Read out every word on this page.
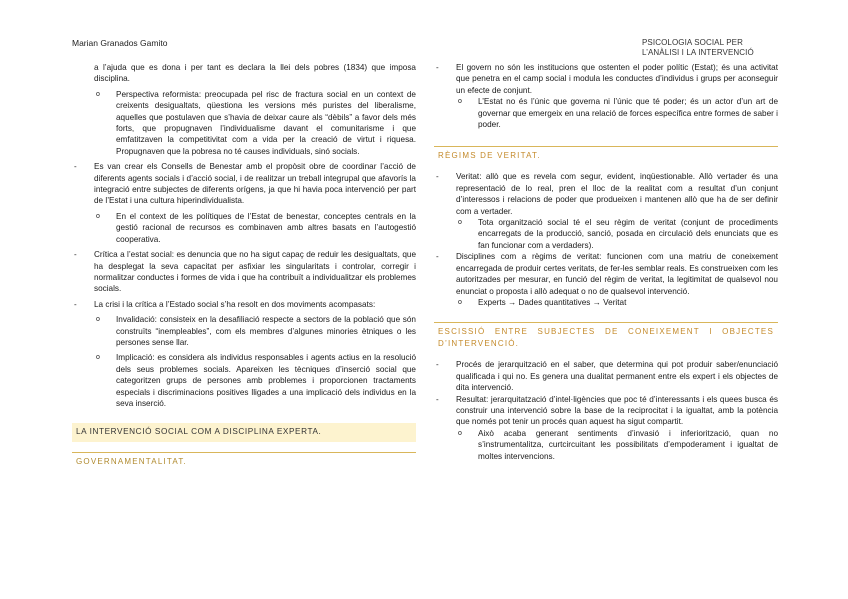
Marian Granados Gamito	PSICOLOGIA SOCIAL PER
L’ANÀLISI I LA INTERVENCIÓ

a l’ajuda que es dona i per tant es declara la llei dels pobres (1834) que imposa disciplina.

o Perspectiva reformista: preocupada pel risc de fractura social en un context de creixents desigualtats, qüestiona les versions més puristes del liberalisme, aquelles que postulaven que s’havia de deixar caure als “dèbils” a favor dels més forts, que propugnaven l’individualisme davant el comunitarisme i que emfatitzaven la competitivitat com a vida per la creació de virtut i riquesa. Propugnaven que la pobresa no té causes individuals, sinó socials.
- Es van crear els Consells de Benestar amb el propòsit obre de coordinar l’acció de diferents agents socials i d’acció social, i de realitzar un treball integrupal que afavorís la integració entre subjectes de diferents orígens, ja que hi havia poca intervenció per part de l’Estat i una cultura hiperindividualista.
o En el context de les polítiques de l’Estat de benestar, conceptes centrals en la gestió racional de recursos es combinaven amb altres basats en l’autogestió cooperativa.
- Crítica a l’estat social: es denuncia que no ha sigut capaç de reduir les desigualtats, que ha desplegat la seva capacitat per asfixiar les singularitats i controlar, corregir i normalitzar conductes i formes de vida i que ha contribuït a individualitzar els problemes socials.
- La crisi i la crítica a l’Estado social s’ha resolt en dos moviments acompasats:
o Invalidació: consisteix en la desafiliació respecte a sectors de la població que són construïts “inempleables”, com els membres d’algunes minories ètniques o les persones sense llar.
o Implicació: es considera als individus responsables i agents actius en la resolució dels seus problemes socials. Apareixen les tècniques d’inserció social que categoritzen grups de persones amb problemes i proporcionen tractaments especials i discriminacions positives lligades a una implicació dels individus en la seva inserció.
LA INTERVENCIÓ SOCIAL COM A DISCIPLINA EXPERTA.
GOVERNAMENTALITAT.
- El govern no són les institucions que ostenten el poder polític (Estat); és una activitat que penetra en el camp social i modula les conductes d’individus i grups per aconseguir un efecte de conjunt.
o L’Estat no és l’únic que governa ni l’únic que té poder; és un actor d’un art de governar que emergeix en una relació de forces específica entre formes de saber i poder.
RÈGIMS DE VERITAT.
- Veritat: allò que es revela com segur, evident, inqüestionable. Allò vertader és una representació de lo real, pren el lloc de la realitat com a resultat d’un conjunt d’interessos i relacions de poder que produeixen i mantenen allò que ha de ser definir com a vertader.
o Tota organització social té el seu règim de veritat (conjunt de procediments encarregats de la producció, sanció, posada en circulació dels enunciats que es fan funcionar com a verdaders).
- Disciplines com a règims de veritat: funcionen com una matriu de coneixement encarregada de produir certes veritats, de fer-les semblar reals. Es construeixen com les autoritzades per mesurar, en funció del règim de veritat, la legitimitat de qualsevol nou enunciat o proposta i allò adequat o no de qualsevol intervenció.
o Experts → Dades quantitatives → Veritat
ESCISSIÓ ENTRE SUBJECTES DE CONEIXEMENT I OBJECTES D’INTERVENCIÓ.
- Procés de jerarquització en el saber, que determina qui pot produir saber/enunciació qualificada i qui no. Es genera una dualitat permanent entre els expert i els objectes de dita intervenció.
- Resultat: jerarquitatzació d’intel·ligències que poc té d’interessants i els quees busca és construir una intervenció sobre la base de la reciprocitat i la igualtat, amb la potència que només pot tenir un procés quan aquest ha sigut compartit.
o Això acaba generant sentiments d’invasió i inferiorització, quan no s’instrumentalitza, curtcircuitant les possibilitats d’empoderament i igualtat de moltes intervencions.
